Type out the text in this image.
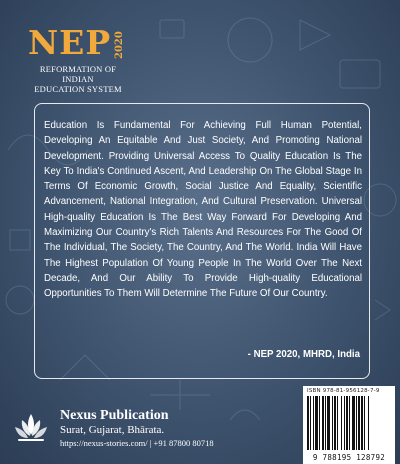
NEP 2020
REFORMATION OF INDIAN
EDUCATION SYSTEM

Education Is Fundamental For Achieving Full Human Potential, Developing An Equitable And Just Society, And Promoting National Development. Providing Universal Access To Quality Education Is The Key To India's Continued Ascent, And Leadership On The Global Stage In Terms Of Economic Growth, Social Justice And Equality, Scientific Advancement, National Integration, And Cultural Preservation. Universal High-quality Education Is The Best Way Forward For Developing And Maximizing Our Country's Rich Talents And Resources For The Good Of The Individual, The Society, The Country, And The World. India Will Have The Highest Population Of Young People In The World Over The Next Decade, And Our Ability To Provide High-quality Educational Opportunities To Them Will Determine The Future Of Our Country.

- NEP 2020, MHRD, India
Nexus Publication
Surat, Gujarat, Bhārata.
https://nexus-stories.com/ | +91 87800 80718
ISBN 978-81-956128-7-9
9 788195 128792
